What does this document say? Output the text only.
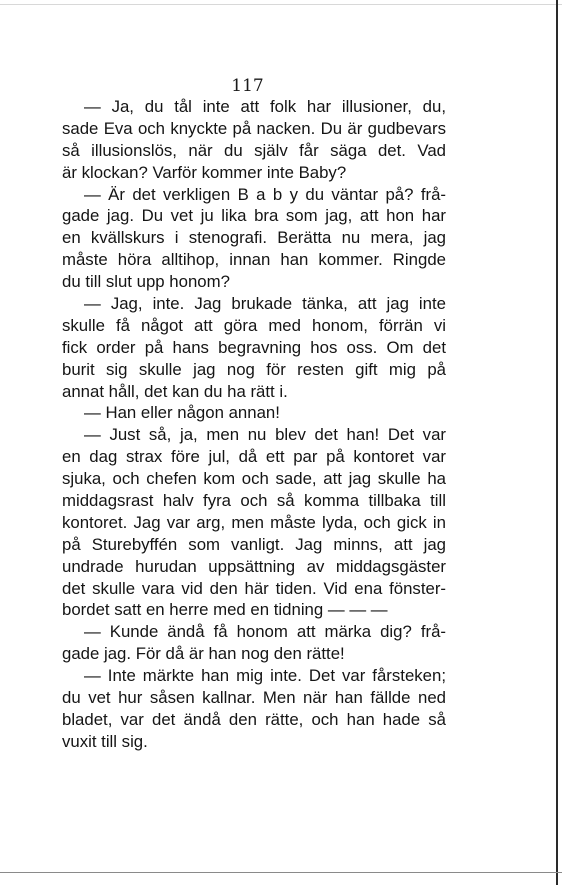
117
— Ja, du tål inte att folk har illusioner, du,
sade Eva och knyckte på nacken. Du är gudbevars
så illusionslös, när du själv får säga det. Vad
är klockan? Varför kommer inte Baby?
— Är det verkligen B a b y du väntar på? frå-
gade jag. Du vet ju lika bra som jag, att hon har
en kvällskurs i stenografi. Berätta nu mera, jag
måste höra alltihop, innan han kommer. Ringde
du till slut upp honom?
— Jag, inte. Jag brukade tänka, att jag inte
skulle få något att göra med honom, förrän vi
fick order på hans begravning hos oss. Om det
burit sig skulle jag nog för resten gift mig på
annat håll, det kan du ha rätt i.
— Han eller någon annan!
— Just så, ja, men nu blev det han! Det var
en dag strax före jul, då ett par på kontoret var
sjuka, och chefen kom och sade, att jag skulle ha
middagsrast halv fyra och så komma tillbaka till
kontoret. Jag var arg, men måste lyda, och gick in
på Sturebyffén som vanligt. Jag minns, att jag
undrade hurudan uppsättning av middagsgäster
det skulle vara vid den här tiden. Vid ena fönster-
bordet satt en herre med en tidning — — —
— Kunde ändå få honom att märka dig? frå-
gade jag. För då är han nog den rätte!
— Inte märkte han mig inte. Det var fårsteken;
du vet hur såsen kallnar. Men när han fällde ned
bladet, var det ändå den rätte, och han hade så
vuxit till sig.
